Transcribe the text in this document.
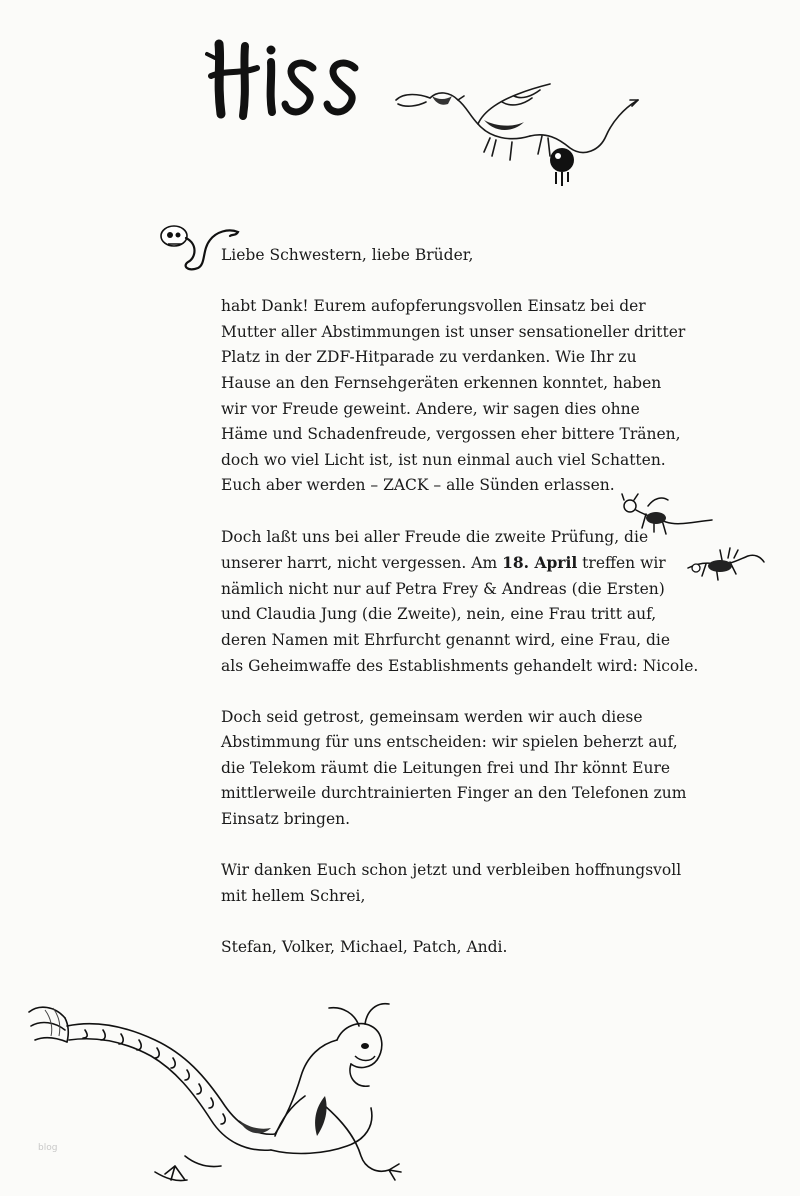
Liebe Schwestern, liebe Brüder,

habt Dank! Eurem aufopferungsvollen Einsatz bei der
Mutter aller Abstimmungen ist unser sensationeller dritter
Platz in der ZDF-Hitparade zu verdanken. Wie Ihr zu
Hause an den Fernsehgeräten erkennen konntet, haben
wir vor Freude geweint. Andere, wir sagen dies ohne
Häme und Schadenfreude, vergossen eher bittere Tränen,
doch wo viel Licht ist, ist nun einmal auch viel Schatten.
Euch aber werden – ZACK – alle Sünden erlassen.

Doch laßt uns bei aller Freude die zweite Prüfung, die
unserer harrt, nicht vergessen. Am 18. April treffen wir
nämlich nicht nur auf Petra Frey & Andreas (die Ersten)
und Claudia Jung (die Zweite), nein, eine Frau tritt auf,
deren Namen mit Ehrfurcht genannt wird, eine Frau, die
als Geheimwaffe des Establishments gehandelt wird: Nicole.

Doch seid getrost, gemeinsam werden wir auch diese
Abstimmung für uns entscheiden: wir spielen beherzt auf,
die Telekom räumt die Leitungen frei und Ihr könnt Eure
mittlerweile durchtrainierten Finger an den Telefonen zum
Einsatz bringen.

Wir danken Euch schon jetzt und verbleiben hoffnungsvoll
mit hellem Schrei,

Stefan, Volker, Michael, Patch, Andi.

blog
